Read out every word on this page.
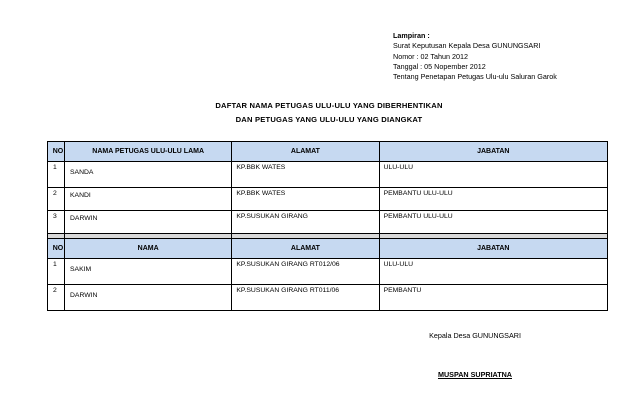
Lampiran :
Surat Keputusan Kepala Desa GUNUNGSARI
Nomor : 02 Tahun 2012
Tanggal : 05 Nopember 2012
Tentang Penetapan Petugas Ulu-ulu Saluran Garok
DAFTAR NAMA PETUGAS ULU-ULU YANG DIBERHENTIKAN
DAN PETUGAS YANG ULU-ULU YANG DIANGKAT
NO	NAMA PETUGAS ULU-ULU LAMA	ALAMAT	JABATAN
1	SANDA	KP.BBK WATES	ULU-ULU
2	KANDI	KP.BBK WATES	PEMBANTU ULU-ULU
3	DARWIN	KP.SUSUKAN GIRANG	PEMBANTU ULU-ULU

NO	NAMA	ALAMAT	JABATAN
1	SAKIM	KP.SUSUKAN GIRANG RT012/06	ULU-ULU
2	DARWIN	KP.SUSUKAN GIRANG RT011/06	PEMBANTU
Kepala Desa GUNUNGSARI
MUSPAN SUPRIATNA
